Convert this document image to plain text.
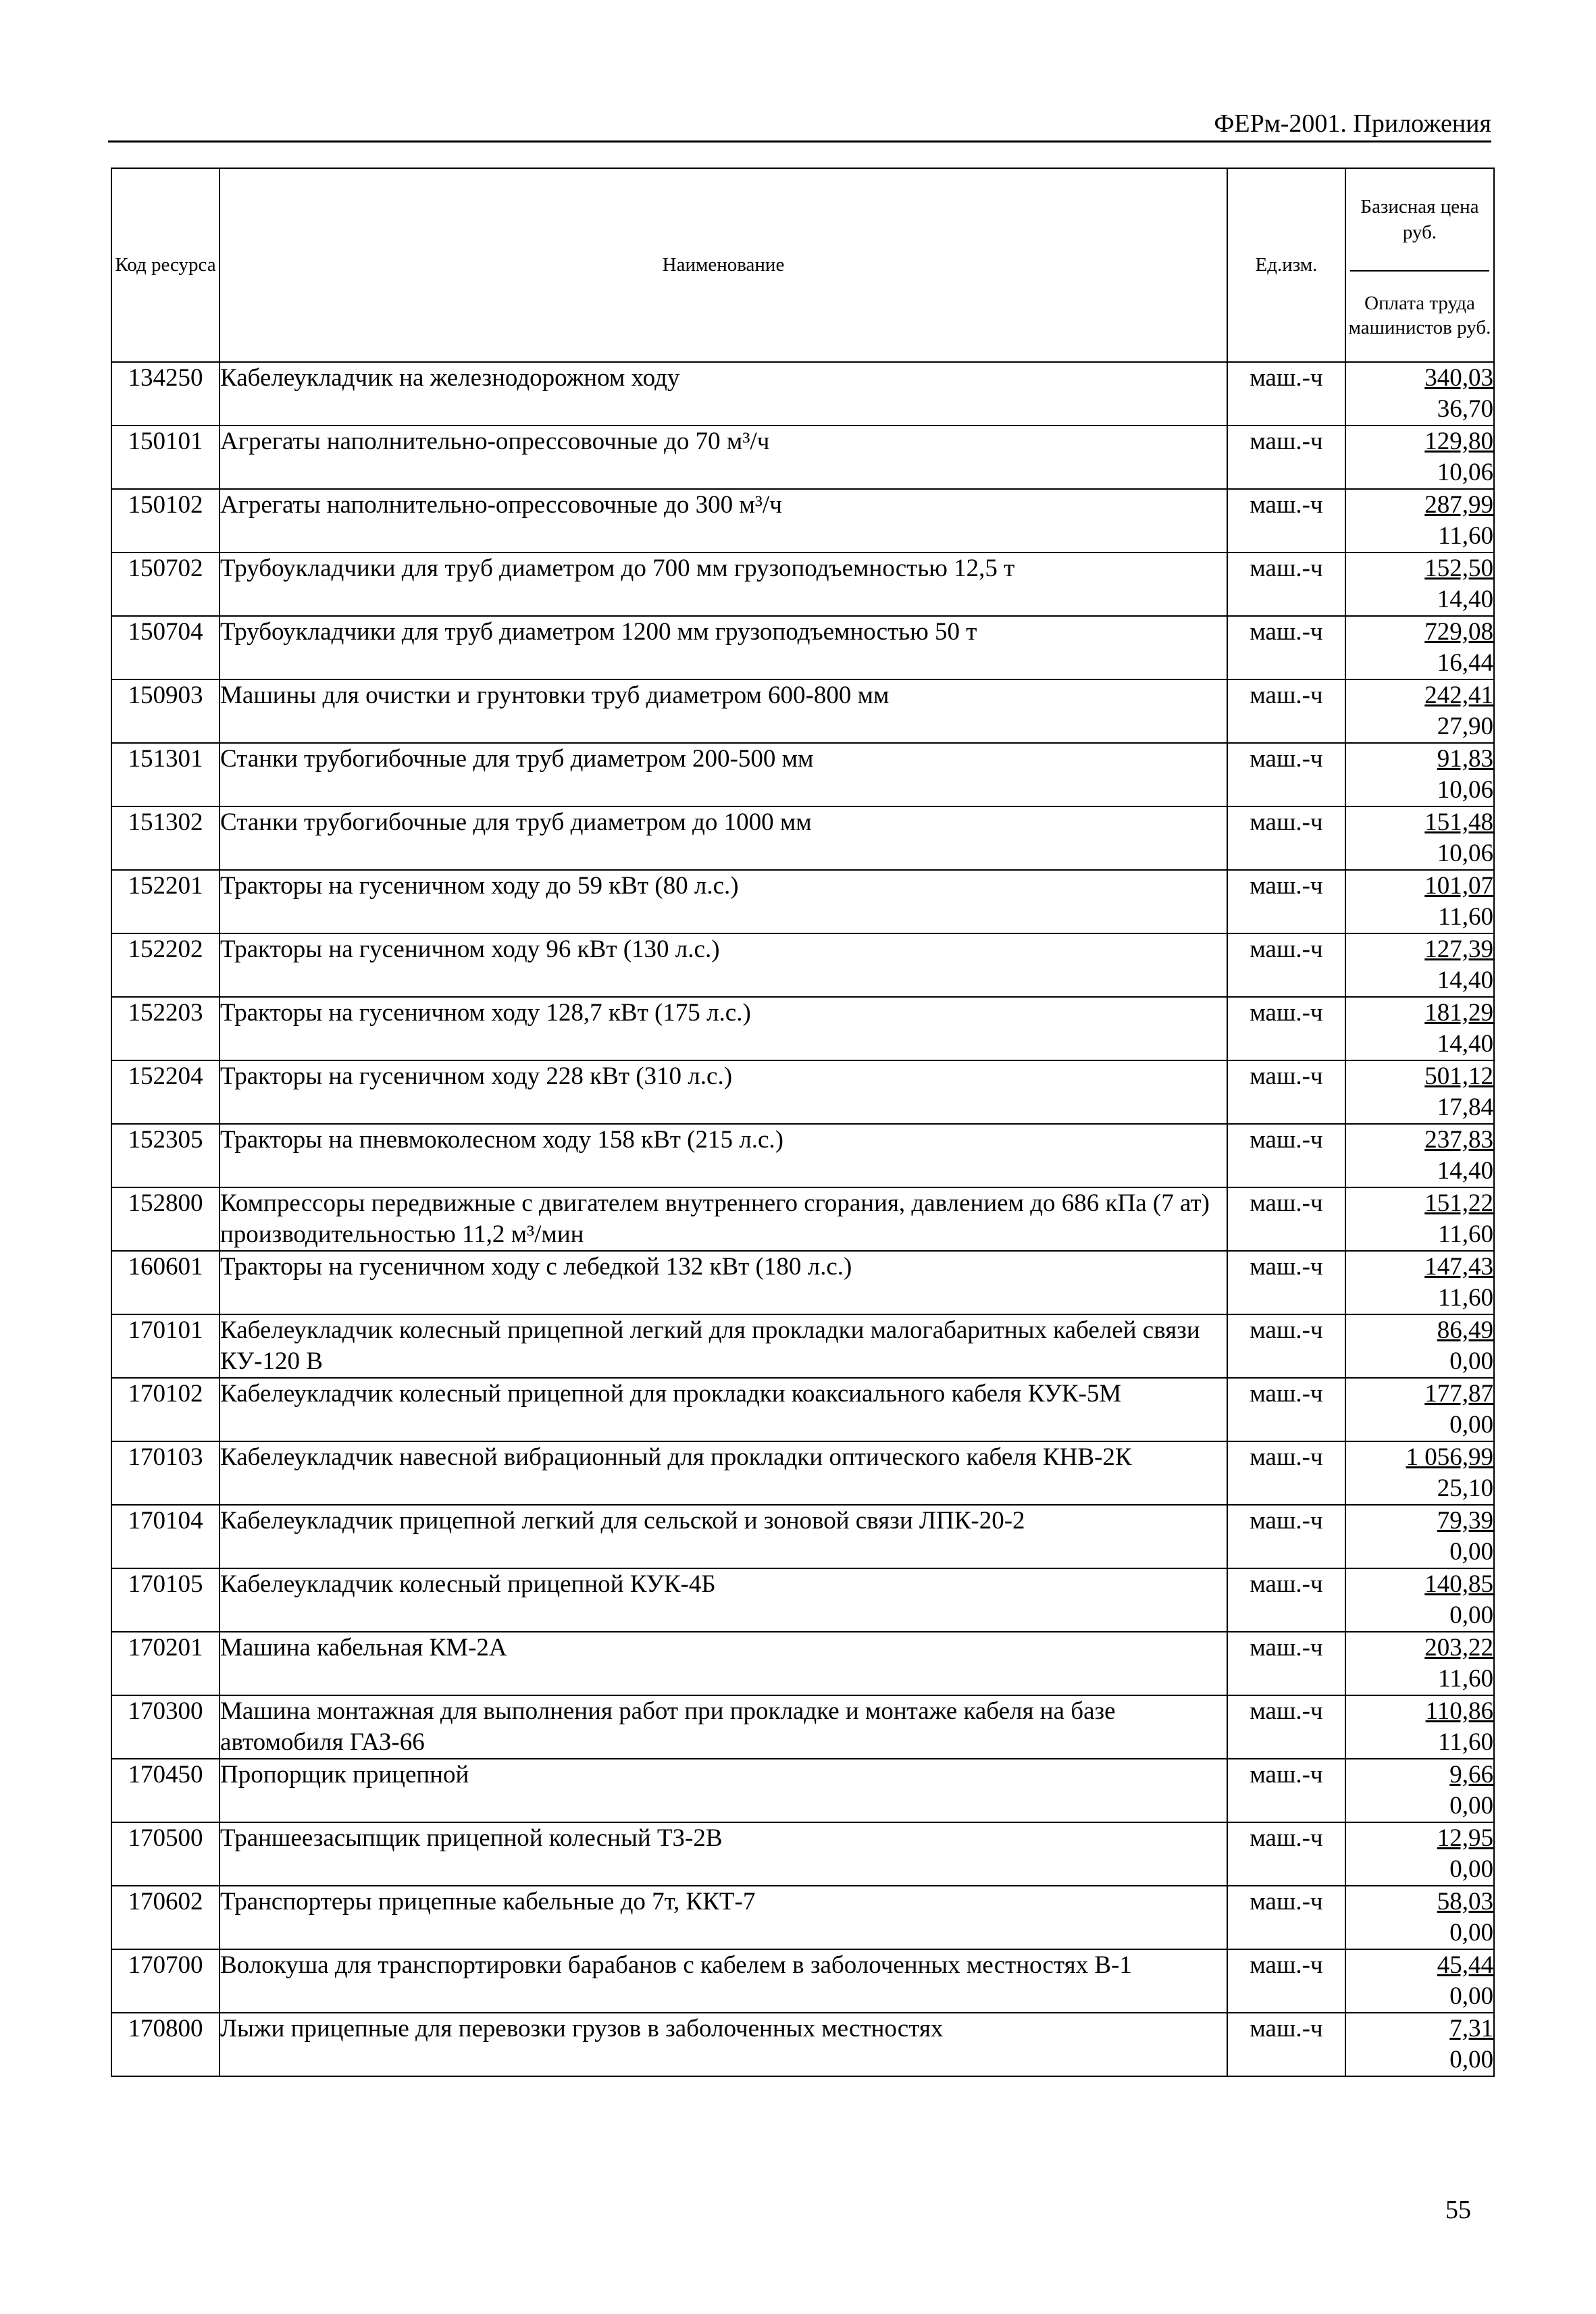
ФЕРм-2001. Приложения
Код ресурса	Наименование	Ед.изм.	Базисная цена руб.
Оплата труда машинистов руб.

134250	Кабелеукладчик на железнодорожном ходу	маш.-ч	340,03
36,70

150101	Агрегаты наполнительно-опрессовочные до 70 м³/ч	маш.-ч	129,80
10,06

150102	Агрегаты наполнительно-опрессовочные до 300 м³/ч	маш.-ч	287,99
11,60

150702	Трубоукладчики для труб диаметром до 700 мм грузоподъемностью 12,5 т	маш.-ч	152,50
14,40

150704	Трубоукладчики для труб диаметром 1200 мм грузоподъемностью 50 т	маш.-ч	729,08
16,44

150903	Машины для очистки и грунтовки труб диаметром 600-800 мм	маш.-ч	242,41
27,90

151301	Станки трубогибочные для труб диаметром 200-500 мм	маш.-ч	91,83
10,06

151302	Станки трубогибочные для труб диаметром до 1000 мм	маш.-ч	151,48
10,06

152201	Тракторы на гусеничном ходу до 59 кВт (80 л.с.)	маш.-ч	101,07
11,60

152202	Тракторы на гусеничном ходу 96 кВт (130 л.с.)	маш.-ч	127,39
14,40

152203	Тракторы на гусеничном ходу 128,7 кВт (175 л.с.)	маш.-ч	181,29
14,40

152204	Тракторы на гусеничном ходу 228 кВт (310 л.с.)	маш.-ч	501,12
17,84

152305	Тракторы на пневмоколесном ходу 158 кВт (215 л.с.)	маш.-ч	237,83
14,40

152800	Компрессоры передвижные с двигателем внутреннего сгорания, давлением до 686 кПа (7 ат) производительностью 11,2 м³/мин	маш.-ч	151,22
11,60

160601	Тракторы на гусеничном ходу с лебедкой 132 кВт (180 л.с.)	маш.-ч	147,43
11,60

170101	Кабелеукладчик колесный прицепной легкий для прокладки малогабаритных кабелей связи КУ-120 В	маш.-ч	86,49
0,00

170102	Кабелеукладчик колесный прицепной для прокладки коаксиального кабеля КУК-5М	маш.-ч	177,87
0,00

170103	Кабелеукладчик навесной вибрационный для прокладки оптического кабеля КНВ-2К	маш.-ч	1 056,99
25,10

170104	Кабелеукладчик прицепной легкий для сельской и зоновой связи ЛПК-20-2	маш.-ч	79,39
0,00

170105	Кабелеукладчик колесный прицепной КУК-4Б	маш.-ч	140,85
0,00

170201	Машина кабельная КМ-2А	маш.-ч	203,22
11,60

170300	Машина монтажная для выполнения работ при прокладке и монтаже кабеля на базе автомобиля ГАЗ-66	маш.-ч	110,86
11,60

170450	Пропорщик прицепной	маш.-ч	9,66
0,00

170500	Траншеезасыпщик прицепной колесный ТЗ-2В	маш.-ч	12,95
0,00

170602	Транспортеры прицепные кабельные до 7т, ККТ-7	маш.-ч	58,03
0,00

170700	Волокуша для транспортировки барабанов с кабелем в заболоченных местностях В-1	маш.-ч	45,44
0,00

170800	Лыжи прицепные для перевозки грузов в заболоченных местностях	маш.-ч	7,31
0,00
55
